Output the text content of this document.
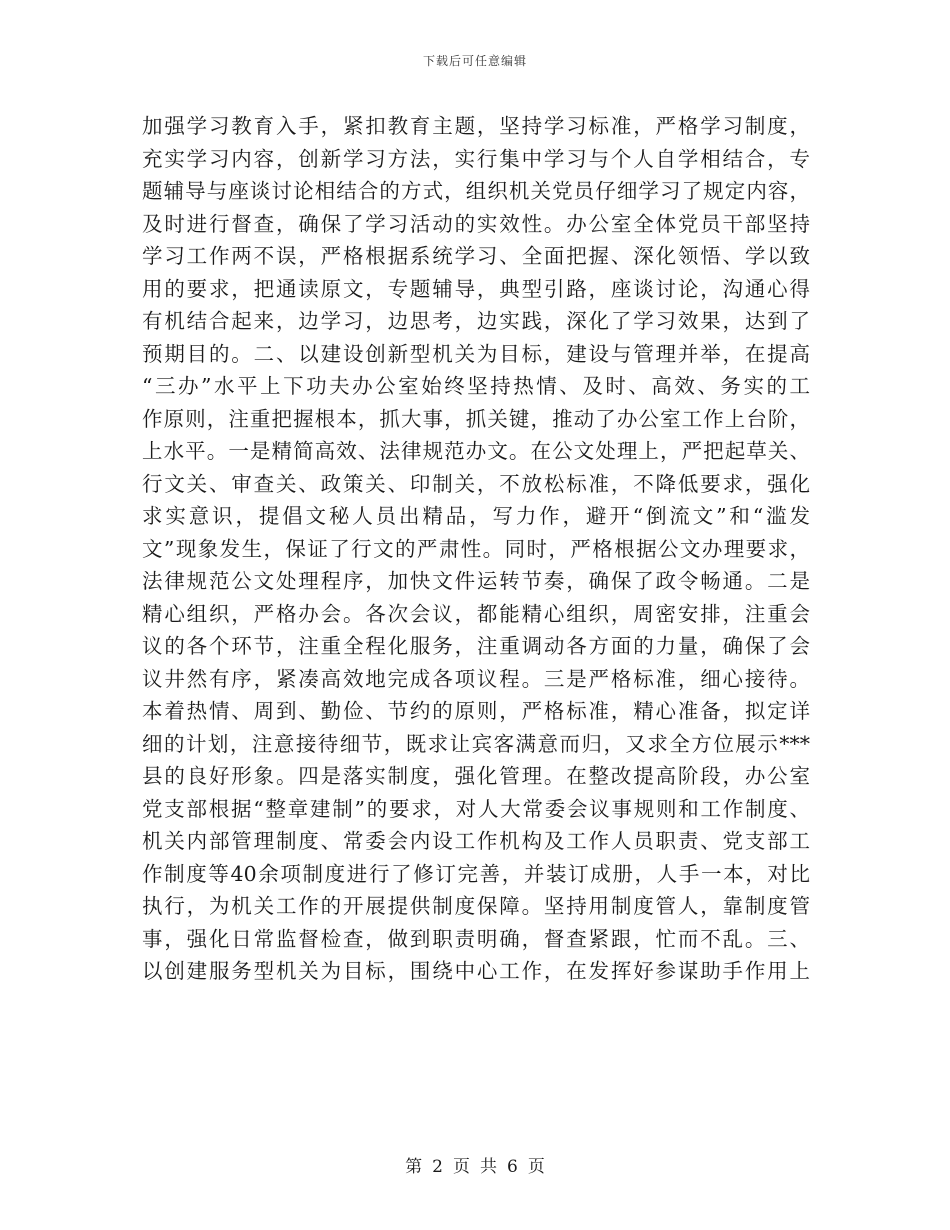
下载后可任意编辑
加强学习教育入手，紧扣教育主题，坚持学习标准，严格学习制度，
充实学习内容，创新学习方法，实行集中学习与个人自学相结合，专
题辅导与座谈讨论相结合的方式，组织机关党员仔细学习了规定内容，
及时进行督查，确保了学习活动的实效性。办公室全体党员干部坚持
学习工作两不误，严格根据系统学习、全面把握、深化领悟、学以致
用的要求，把通读原文，专题辅导，典型引路，座谈讨论，沟通心得
有机结合起来，边学习，边思考，边实践，深化了学习效果，达到了
预期目的。二、以建设创新型机关为目标，建设与管理并举，在提高
“三办”水平上下功夫办公室始终坚持热情、及时、高效、务实的工
作原则，注重把握根本，抓大事，抓关键，推动了办公室工作上台阶，
上水平。一是精简高效、法律规范办文。在公文处理上，严把起草关、
行文关、审查关、政策关、印制关，不放松标准，不降低要求，强化
求实意识，提倡文秘人员出精品，写力作，避开“倒流文”和“滥发
文”现象发生，保证了行文的严肃性。同时，严格根据公文办理要求，
法律规范公文处理程序，加快文件运转节奏，确保了政令畅通。二是
精心组织，严格办会。各次会议，都能精心组织，周密安排，注重会
议的各个环节，注重全程化服务，注重调动各方面的力量，确保了会
议井然有序，紧凑高效地完成各项议程。三是严格标准，细心接待。
本着热情、周到、勤俭、节约的原则，严格标准，精心准备，拟定详
细的计划，注意接待细节，既求让宾客满意而归，又求全方位展示***
县的良好形象。四是落实制度，强化管理。在整改提高阶段，办公室
党支部根据“整章建制”的要求，对人大常委会议事规则和工作制度、
机关内部管理制度、常委会内设工作机构及工作人员职责、党支部工
作制度等40余项制度进行了修订完善，并装订成册，人手一本，对比
执行，为机关工作的开展提供制度保障。坚持用制度管人，靠制度管
事，强化日常监督检查，做到职责明确，督查紧跟，忙而不乱。三、
以创建服务型机关为目标，围绕中心工作，在发挥好参谋助手作用上
第 2 页 共 6 页
